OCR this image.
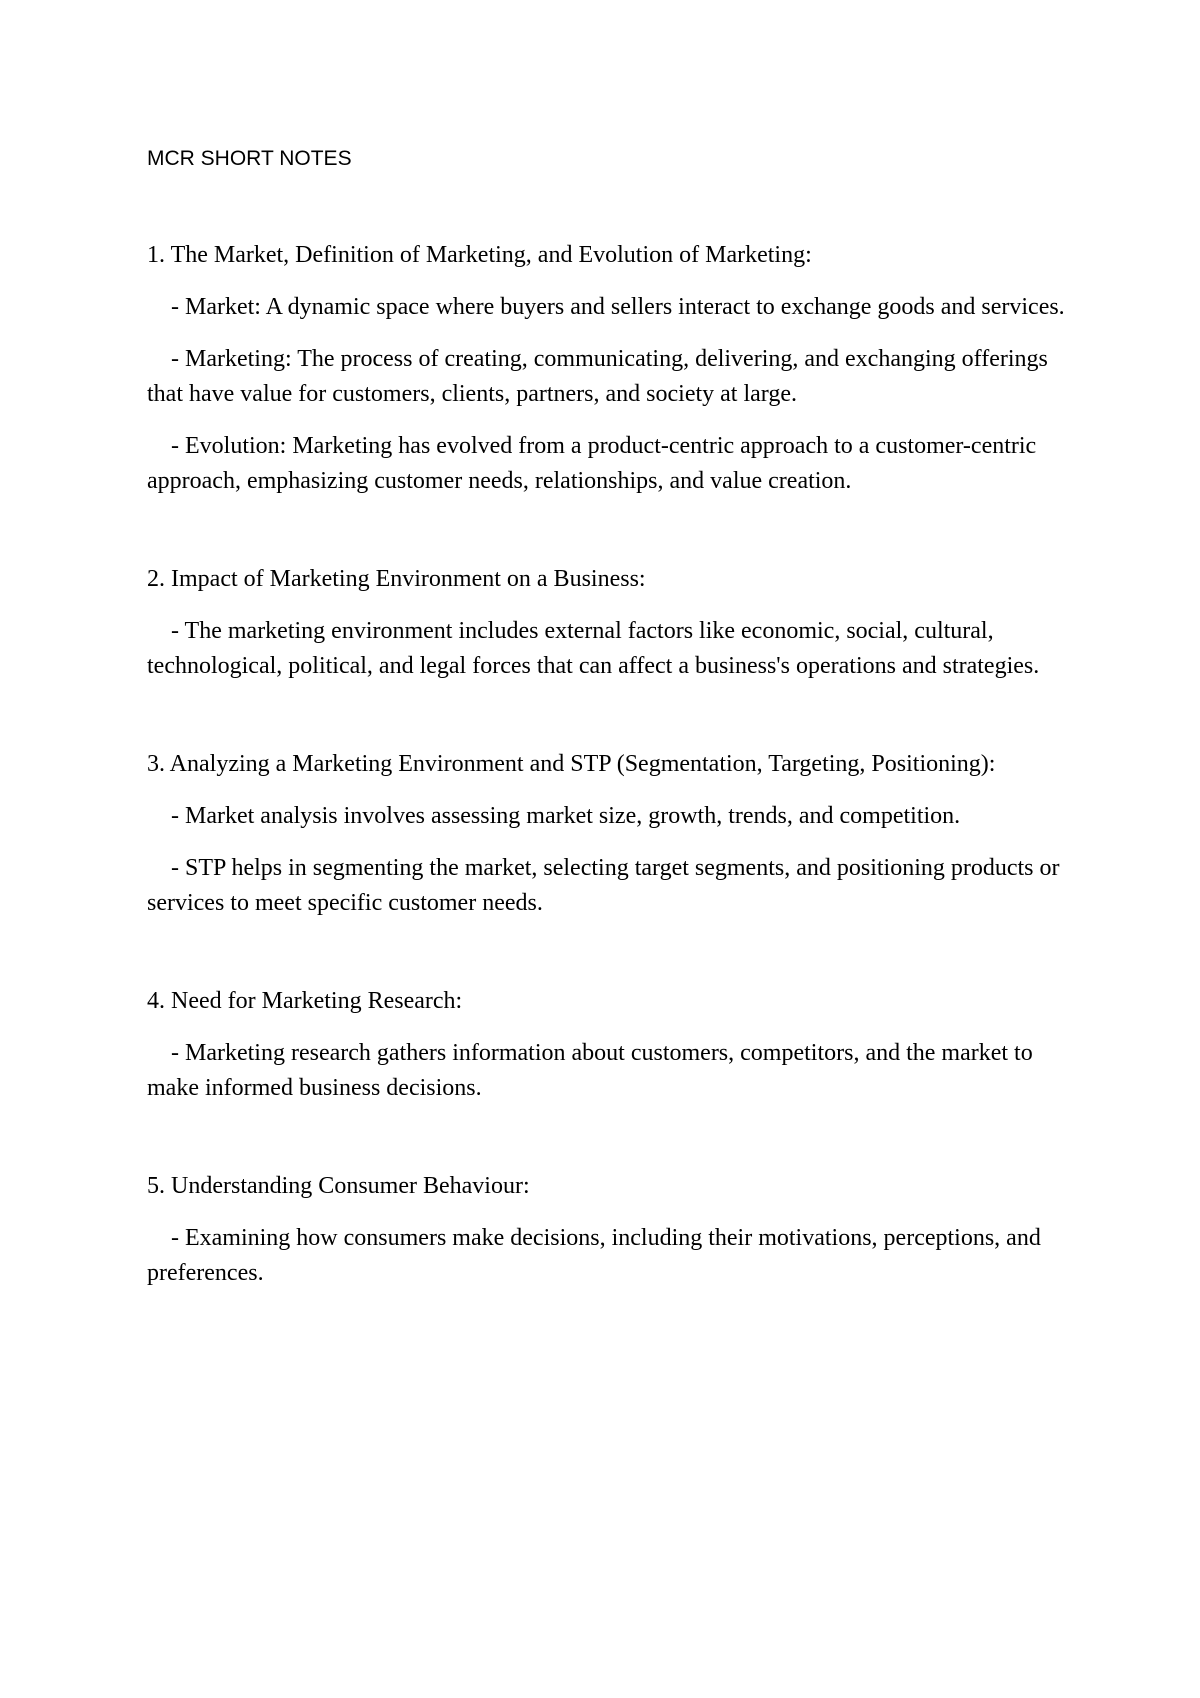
MCR SHORT NOTES
1. The Market, Definition of Marketing, and Evolution of Marketing:
- Market: A dynamic space where buyers and sellers interact to exchange goods and services.
- Marketing: The process of creating, communicating, delivering, and exchanging offerings that have value for customers, clients, partners, and society at large.
- Evolution: Marketing has evolved from a product-centric approach to a customer-centric approach, emphasizing customer needs, relationships, and value creation.
2. Impact of Marketing Environment on a Business:
- The marketing environment includes external factors like economic, social, cultural, technological, political, and legal forces that can affect a business's operations and strategies.
3. Analyzing a Marketing Environment and STP (Segmentation, Targeting, Positioning):
- Market analysis involves assessing market size, growth, trends, and competition.
- STP helps in segmenting the market, selecting target segments, and positioning products or services to meet specific customer needs.
4. Need for Marketing Research:
- Marketing research gathers information about customers, competitors, and the market to make informed business decisions.
5. Understanding Consumer Behaviour:
- Examining how consumers make decisions, including their motivations, perceptions, and preferences.
